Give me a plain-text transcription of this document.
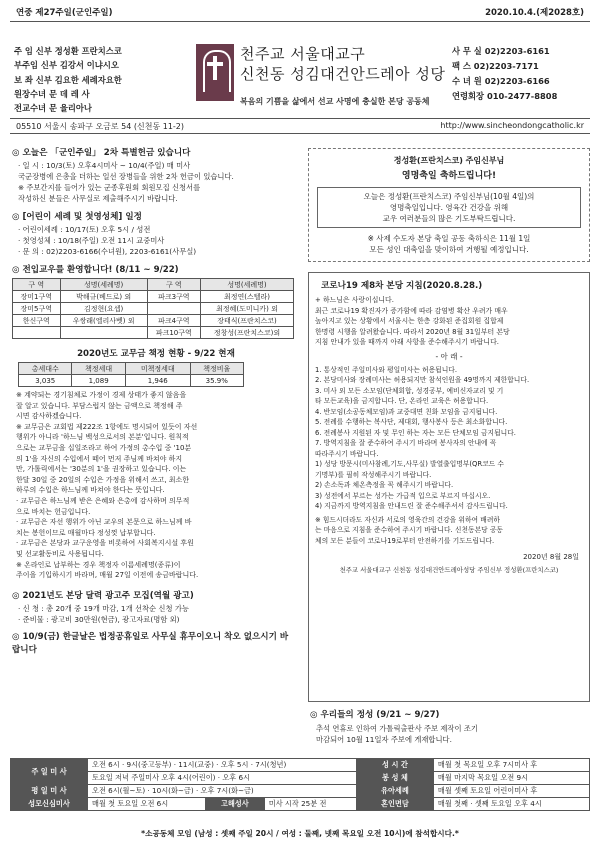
연중 제27주일(군인주일)	2020.10.4.(제2028호)
주 임 신부 정성환 프란치스코
부주임 신부 김강서 이냐시오
보 좌 신부 김요한 세례자요한
원장수녀 문 데 레 사
전교수녀 문 율리아나
천주교 서울대교구
신천동 성김대건안드레아 성당
복음의 기쁨을 삶에서 선교 사명에 충실한 본당 공동체
사 무 실 02)2203-6161
팩 스 02)2203-7171
수 녀 원 02)2203-6166
연령회장 010-2477-8808
05510 서울시 송파구 오금로 54 (신천동 11-2)	http://www.sincheondongcatholic.kr
◎ 오늘은 「군인주일」 2차 특별헌금 있습니다
· 일 시 : 10/3(토) 오후4시미사 ~ 10/4(주일) 매 미사
국군장병에 은총을 더하는 일선 장병들을 위한 2차 헌금이 있습니다.
※ 주보간지를 들어가 있는 군종후원회 회원모집 신청서를
작성하신 분들은 사무실로 제출해주시기 바랍니다.
◎ [어린이 세례 및 첫영성체] 일정
· 어린이세례 : 10/17(토) 오후 5시 / 성전
· 첫영성체 : 10/18(주일) 오전 11시 교중미사
· 문 의 : 02)2203-6166(수녀원), 2203-6161(사무실)
◎ 전입교우를 환영합니다! (8/11 ~ 9/22)
구 역	성명(세례명)	구 역	성명(세례명)
장미1구역	박해규(베드로) 외	파크3구역	최정연(스텔라)
장미5구역	김정현(요셉)		최정혜(도미니카) 외
한신구역	우쌍래(엘리사벳) 외	파크4구역	장태식(프란치스코)
		파크10구역	정창성(프란치스코)외
2020년도 교무금 책정 현황 - 9/22 현재
총세대수	책정세대	미책정세대	책정비율
3,035	1,089	1,946	35.9%
※ 계약되는 경기침체로 가정이 경제 상태가 좋지 않음을
잘 알고 있습니다. 부담스럽지 않는 금액으로 책정해 주
시면 감사하겠습니다.
※ 교무금은 교회법 제222조 1항에도 명시되어 있듯이 자선
행위가 아니라 '하느님 백성으로서의 본분'입니다. 원칙적
으로는 교무금을 십일조라고 하여 가정의 총수입 중 '10분
의 1'을 자신의 수입에서 떼어 먼저 주님께 바쳐야 하지
만, 가톨릭에서는 '30분의 1'을 권장하고 있습니다. 이는
한달 30일 중 20일의 수입은 가정을 위해서 쓰고, 최소한
하루의 수입은 하느님께 바쳐야 한다는 뜻입니다.
· 교무금은 하느님께 받은 은혜와 은총에 감사하며 의무적
으로 바치는 헌금입니다.
· 교무금은 자선 행위가 아닌 교우의 본문으로 하느님께 바
치는 봉헌이므로 매월마다 정성껏 납부합니다.
· 교무금은 본당과 교구운영을 비롯하여 사회복지시설 후원
및 선교활동비로 사용됩니다.
※ 온라인로 납부하는 경우 책정자 이름세례명(종류)이
주이을 기입하시기 바라며, 매월 27일 이전에 송금바랍니다.
◎ 2021년도 본당 달력 광고주 모집(역월 광고)
· 신 청 : 총 20개 중 19개 마감, 1개 선착순 신청 가능
· 준비물 : 광고비 30만원(현금), 광고자료(명함 외)
◎ 10/9(금) 한글날은 법정공휴일로 사무실 휴무이오니 착오 없으시기 바랍니다
정성환(프란치스코) 주임신부님
영명축일 축하드립니다!
오늘은 정성환(프란치스코) 주임신부님(10월 4일)의
영명축일입니다. 영육간 건강을 위해
교우 여러분들의 많은 기도부탁드립니다.
※ 사제 수도자 본당 축일 공동 축하식은 11월 1일
모든 성인 대축일을 맞이하여 거행될 예정입니다.
코로나19 제8차 본당 지침(2020.8.28.)
+ 하느님은 사랑이십니다.
최근 코로나19 확진자가 증가함에 따라 감염병 확산 우려가 매우
높아지고 있는 상황에서 서울시는 한층 강화된 준집회원 집합제
한명령 시행을 알려왔습니다. 따라서 2020년 8월 31일부터 본당
지침 안내가 있을 때까지 아래 사항을 준수해주시기 바랍니다.
- 아 래 -
1. 통상적인 주일미사와 평일미사는 허용됩니다.
2. 본당미사와 장례미사는 허용되지만 참석인원을 49명까지 제한합니다.
3. 미사 외 모든 소모임(단체회합, 성경공부, 예비신자교리 및 기
타 모든교육)을 금지합니다. 단, 온라인 교육은 허용합니다.
4. 반모임(소공동체모임)과 교중대면 친화 모임을 금지됩니다.
5. 전례를 수행하는 복사단, 제대회, 행사봉사 등은 최소화합니다.
6. 전례봉사 지원된 자 및 무인 하는 자는 모든 단체모임 금지됩니다.
7. 방역지침을 잘 준수하여 주시기 바라며 봉사자의 안내에 꼭
따라주시기 바랍니다.
1) 성당 방문시(미사참례,기도,사무실) 발열출입명부(QR코드 수
기명부)를 필히 작성해주시기 바랍니다.
2) 손소독과 체온측정을 꼭 해주시기 바랍니다.
3) 성전에서 부르는 성가는 가급적 입으로 부르지 마십시오.
4) 지금까지 방역지침을 안내드린 잘 준수해주셔서 감사드립니다.
※ 힘드시더라도 자신과 서로의 영육간의 건강을 위하여 배려하
는 마음으로 지침을 준수하여 주시기 바랍니다. 신천동본당 공동
체의 모든 분들이 코로나19로부터 안전하기를 기도드립니다.
2020년 8월 28일
천주교 서울대교구 신천동 성김대건안드레아성당 주임신부 정성환(프란치스코)
◎ 우리들의 정성 (9/21 ~ 9/27)
추석 연휴로 인하여 가톨릭출판사 주보 제작이 조기
마감되어 10월 11일자 주보에 게재합니다.
주 일 미 사	오전 6시 · 9시(중고등부) · 11시(교중) · 오후 5시 · 7시(청년)			성 시 간	매월 첫 목요일 오후 7시미사 후
	토요일 저녁 주일미사 오후 4시(어린이) · 오후 6시			봉 성 체	매월 마지막 목요일 오전 9시
평 일 미 사	오전 6시(월~토) · 10시(화~금) · 오후 7시(화~금)			유아세례	매월 셋째 토요일 어린이미사 후
성모신심미사	매월 첫 토요일 오전 6시	고해성사	미사 시작 25분 전	혼인면담	매월 첫째 · 셋째 토요일 오후 4시
*소공동체 모임 (남성 : 셋째 주일 20시 / 여성 : 둘째, 넷째 목요일 오전 10시)에 참석합시다.*
